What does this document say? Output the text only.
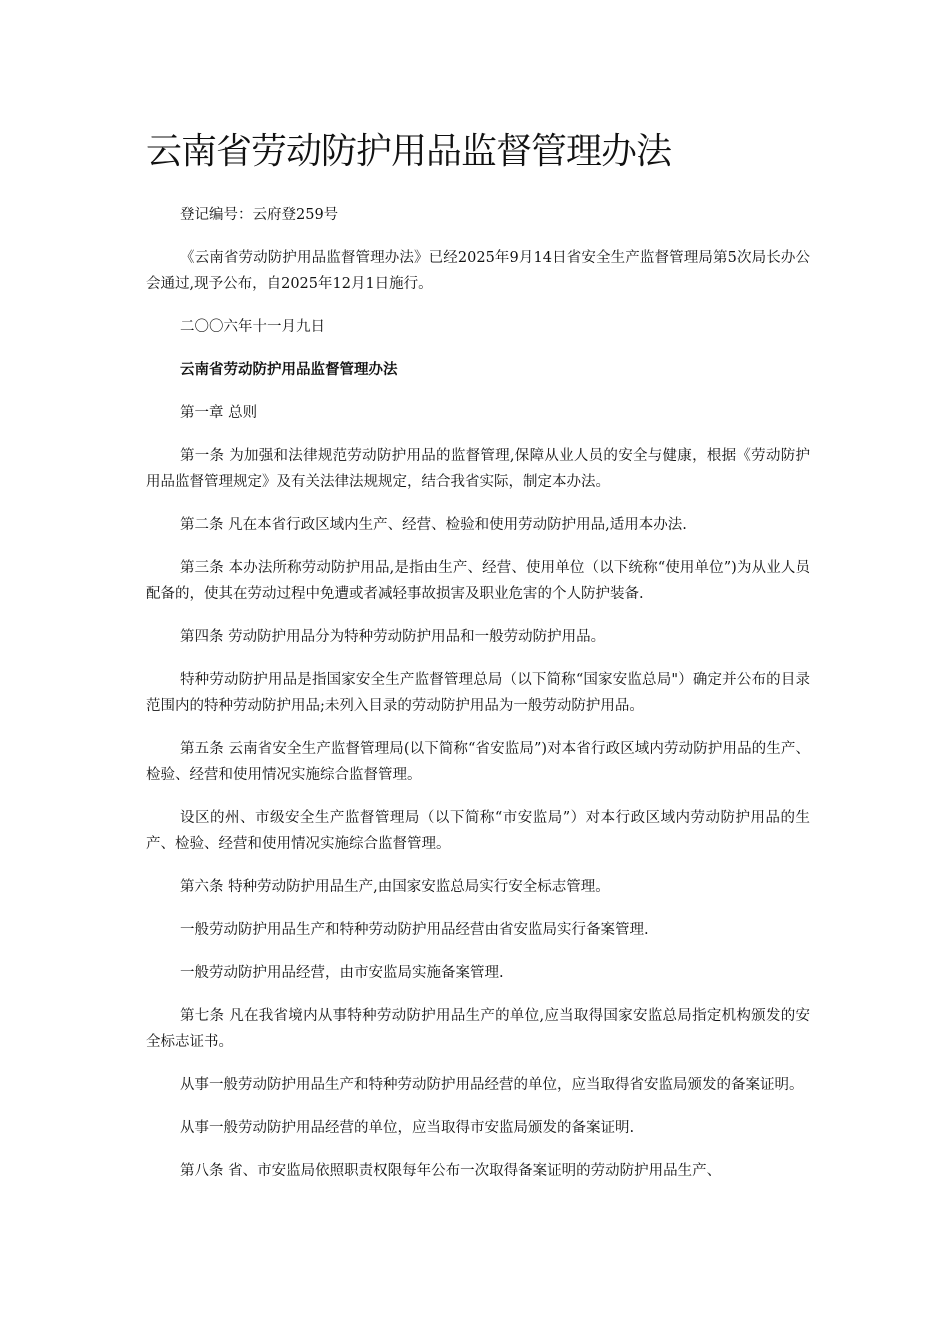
云南省劳动防护用品监督管理办法

登记编号：云府登259号

《云南省劳动防护用品监督管理办法》已经2025年9月14日省安全生产监督管理局第5次局长办公会通过,现予公布，自2025年12月1日施行。

二〇〇六年十一月九日

云南省劳动防护用品监督管理办法

第一章 总则

第一条 为加强和法律规范劳动防护用品的监督管理,保障从业人员的安全与健康，根据《劳动防护用品监督管理规定》及有关法律法规规定，结合我省实际，制定本办法。

第二条 凡在本省行政区域内生产、经营、检验和使用劳动防护用品,适用本办法.

第三条 本办法所称劳动防护用品,是指由生产、经营、使用单位（以下统称“使用单位”)为从业人员配备的，使其在劳动过程中免遭或者减轻事故损害及职业危害的个人防护装备.

第四条 劳动防护用品分为特种劳动防护用品和一般劳动防护用品。

特种劳动防护用品是指国家安全生产监督管理总局（以下简称“国家安监总局"）确定并公布的目录范围内的特种劳动防护用品;未列入目录的劳动防护用品为一般劳动防护用品。

第五条 云南省安全生产监督管理局(以下简称“省安监局”)对本省行政区域内劳动防护用品的生产、检验、经营和使用情况实施综合监督管理。

设区的州、市级安全生产监督管理局（以下简称“市安监局”）对本行政区域内劳动防护用品的生产、检验、经营和使用情况实施综合监督管理。

第六条 特种劳动防护用品生产,由国家安监总局实行安全标志管理。

一般劳动防护用品生产和特种劳动防护用品经营由省安监局实行备案管理.

一般劳动防护用品经营，由市安监局实施备案管理.

第七条 凡在我省境内从事特种劳动防护用品生产的单位,应当取得国家安监总局指定机构颁发的安全标志证书。

从事一般劳动防护用品生产和特种劳动防护用品经营的单位，应当取得省安监局颁发的备案证明。

从事一般劳动防护用品经营的单位，应当取得市安监局颁发的备案证明.

第八条 省、市安监局依照职责权限每年公布一次取得备案证明的劳动防护用品生产、
